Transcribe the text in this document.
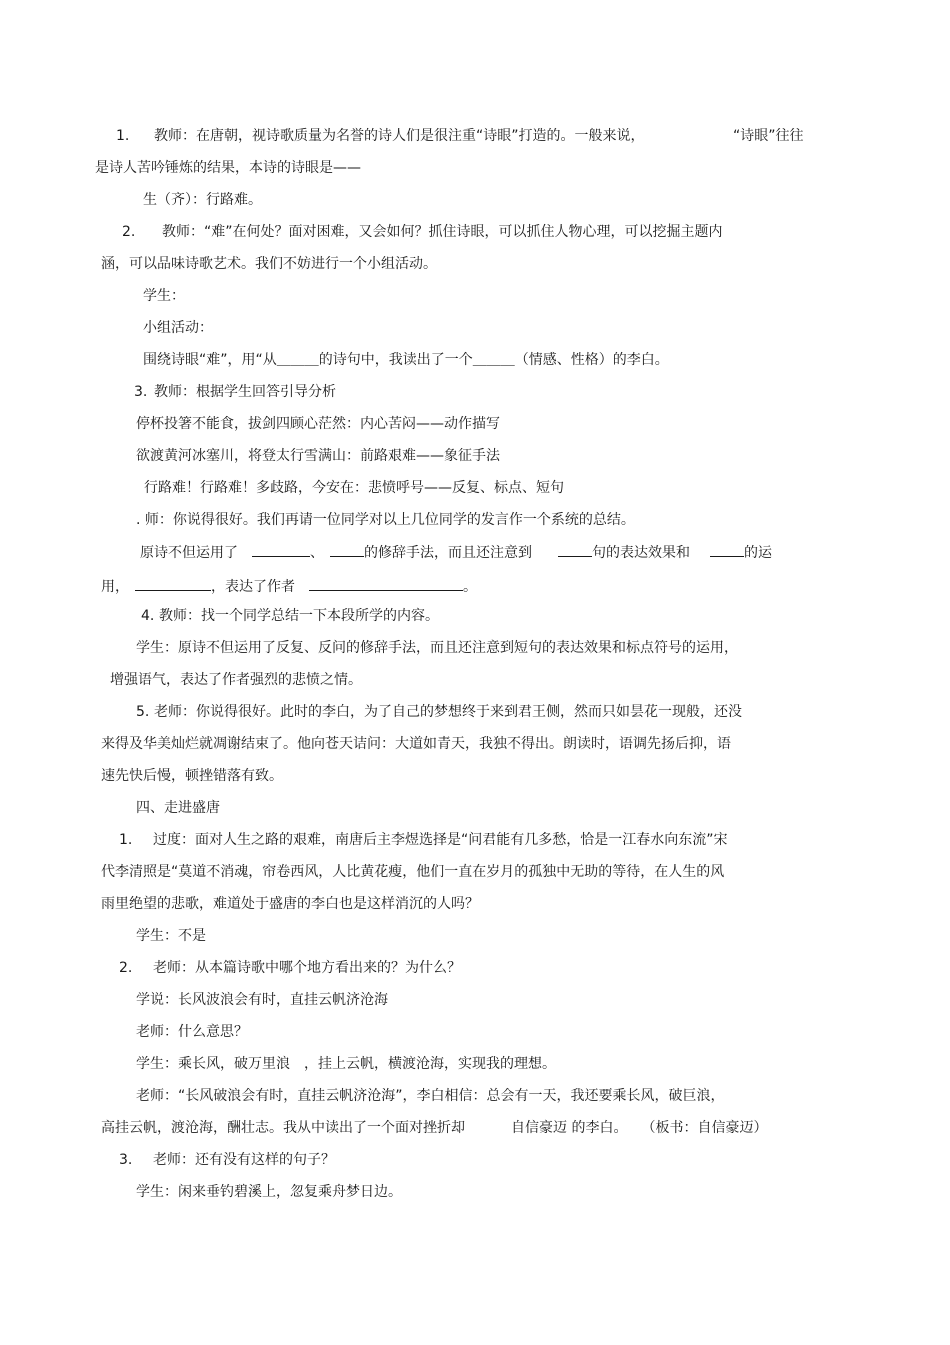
1. 教师：在唐朝，视诗歌质量为名誉的诗人们是很注重“诗眼”打造的。一般来说，	“诗眼”往往
是诗人苦吟锤炼的结果，本诗的诗眼是——
生（齐）：行路难。
2. 教师：“难”在何处？面对困难，又会如何？抓住诗眼，可以抓住人物心理，可以挖掘主题内
涵，可以品味诗歌艺术。我们不妨进行一个小组活动。
学生：
小组活动：
围绕诗眼“难”，用“从＿＿＿的诗句中，我读出了一个＿＿＿（情感、性格）的李白。
3. 教师：根据学生回答引导分析
停杯投箸不能食，拔剑四顾心茫然：内心苦闷——动作描写
欲渡黄河冰塞川，将登太行雪满山：前路艰难——象征手法
行路难！行路难！多歧路，今安在：悲愤呼号——反复、标点、短句
. 师：你说得很好。我们再请一位同学对以上几位同学的发言作一个系统的总结。
原诗不但运用了	、	的修辞手法，而且还注意到	句的表达效果和	的运
用，	，表达了作者	。
4. 教师：找一个同学总结一下本段所学的内容。
学生：原诗不但运用了反复、反问的修辞手法，而且还注意到短句的表达效果和标点符号的运用，
增强语气，表达了作者强烈的悲愤之情。
5. 老师：你说得很好。此时的李白，为了自己的梦想终于来到君王侧，然而只如昙花一现般，还没
来得及华美灿烂就凋谢结束了。他向苍天诘问：大道如青天，我独不得出。朗读时，语调先扬后抑，语
速先快后慢，顿挫错落有致。
四、走进盛唐
1. 过度：面对人生之路的艰难，南唐后主李煜选择是“问君能有几多愁，恰是一江春水向东流”宋
代李清照是“莫道不消魂，帘卷西风，人比黄花瘦，他们一直在岁月的孤独中无助的等待，在人生的风
雨里绝望的悲歌，难道处于盛唐的李白也是这样消沉的人吗？
学生：不是
2. 老师：从本篇诗歌中哪个地方看出来的？为什么？
学说：长风波浪会有时，直挂云帆济沧海
老师：什么意思？
学生：乘长风，破万里浪　，挂上云帆，横渡沧海，实现我的理想。
老师：“长风破浪会有时，直挂云帆济沧海”，李白相信：总会有一天，我还要乘长风，破巨浪，
高挂云帆，渡沧海，酬壮志。我从中读出了一个面对挫折却	自信豪迈 的李白。 （板书：自信豪迈）
3. 老师：还有没有这样的句子？
学生：闲来垂钓碧溪上，忽复乘舟梦日边。
